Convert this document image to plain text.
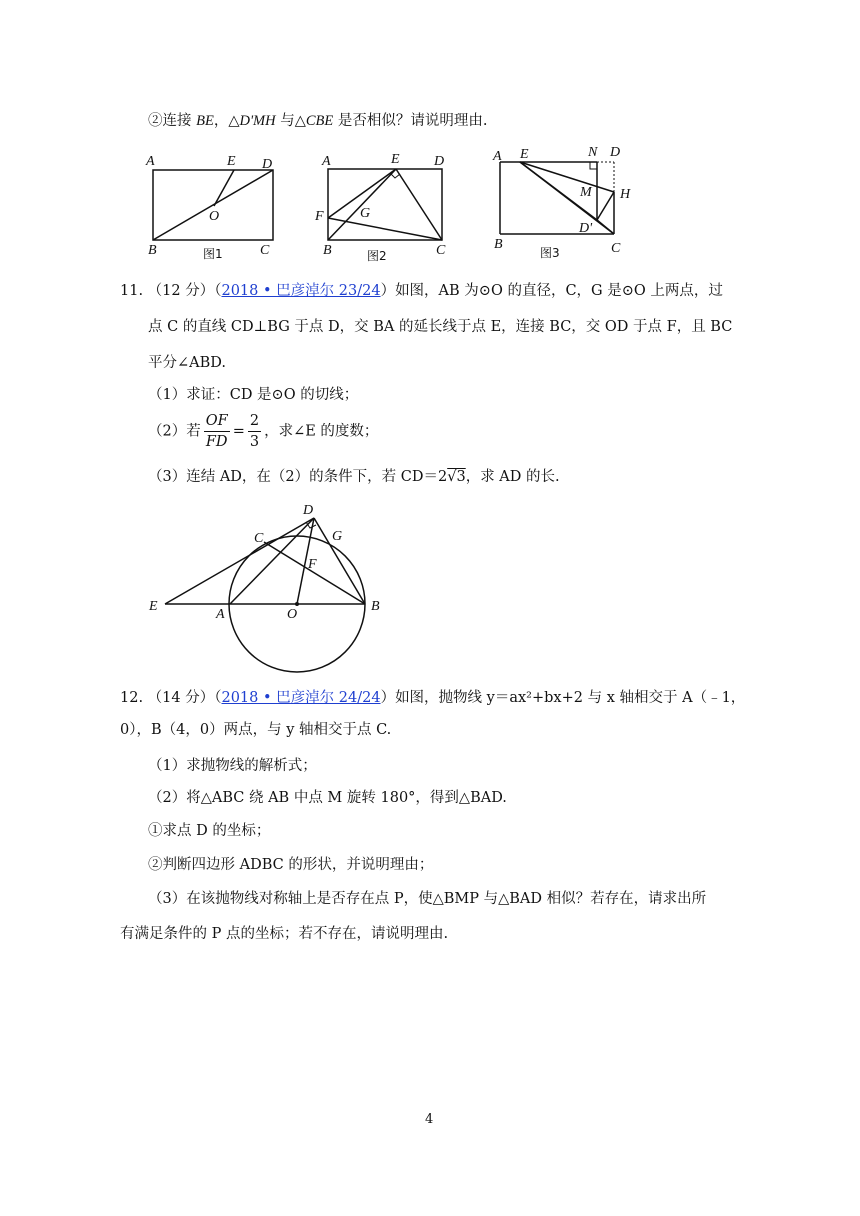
②连接 BE，△D'MH 与△CBE 是否相似？请说明理由.
A	E D
O
B	C
图1
A	E D
F	G
B	C
图2
A E	N D
M H
D'
B	C
图3
11. （12 分）（2018 • 巴彦淖尔 23/24）如图，AB 为⊙O 的直径，C，G 是⊙O 上两点，过
点 C 的直线 CD⊥BG 于点 D，交 BA 的延长线于点 E，连接 BC，交 OD 于点 F，且 BC
平分∠ABD.
（1）求证：CD 是⊙O 的切线；
（2）若 $\frac{OF}{FD} = \frac{2}{3}$ ，求∠E 的度数；
（3）连结 AD，在（2）的条件下，若 CD＝2√3，求 AD 的长.
D
C	G
F
E
A	O
B
12. （14 分）（2018 • 巴彦淖尔 24/24）如图，抛物线 y＝ax²+bx+2 与 x 轴相交于 A（﹣1，
0），B（4，0）两点，与 y 轴相交于点 C.
（1）求抛物线的解析式；
（2）将△ABC 绕 AB 中点 M 旋转 180°，得到△BAD.
①求点 D 的坐标；
②判断四边形 ADBC 的形状，并说明理由；
（3）在该抛物线对称轴上是否存在点 P，使△BMP 与△BAD 相似？若存在，请求出所
有满足条件的 P 点的坐标；若不存在，请说明理由.
4
